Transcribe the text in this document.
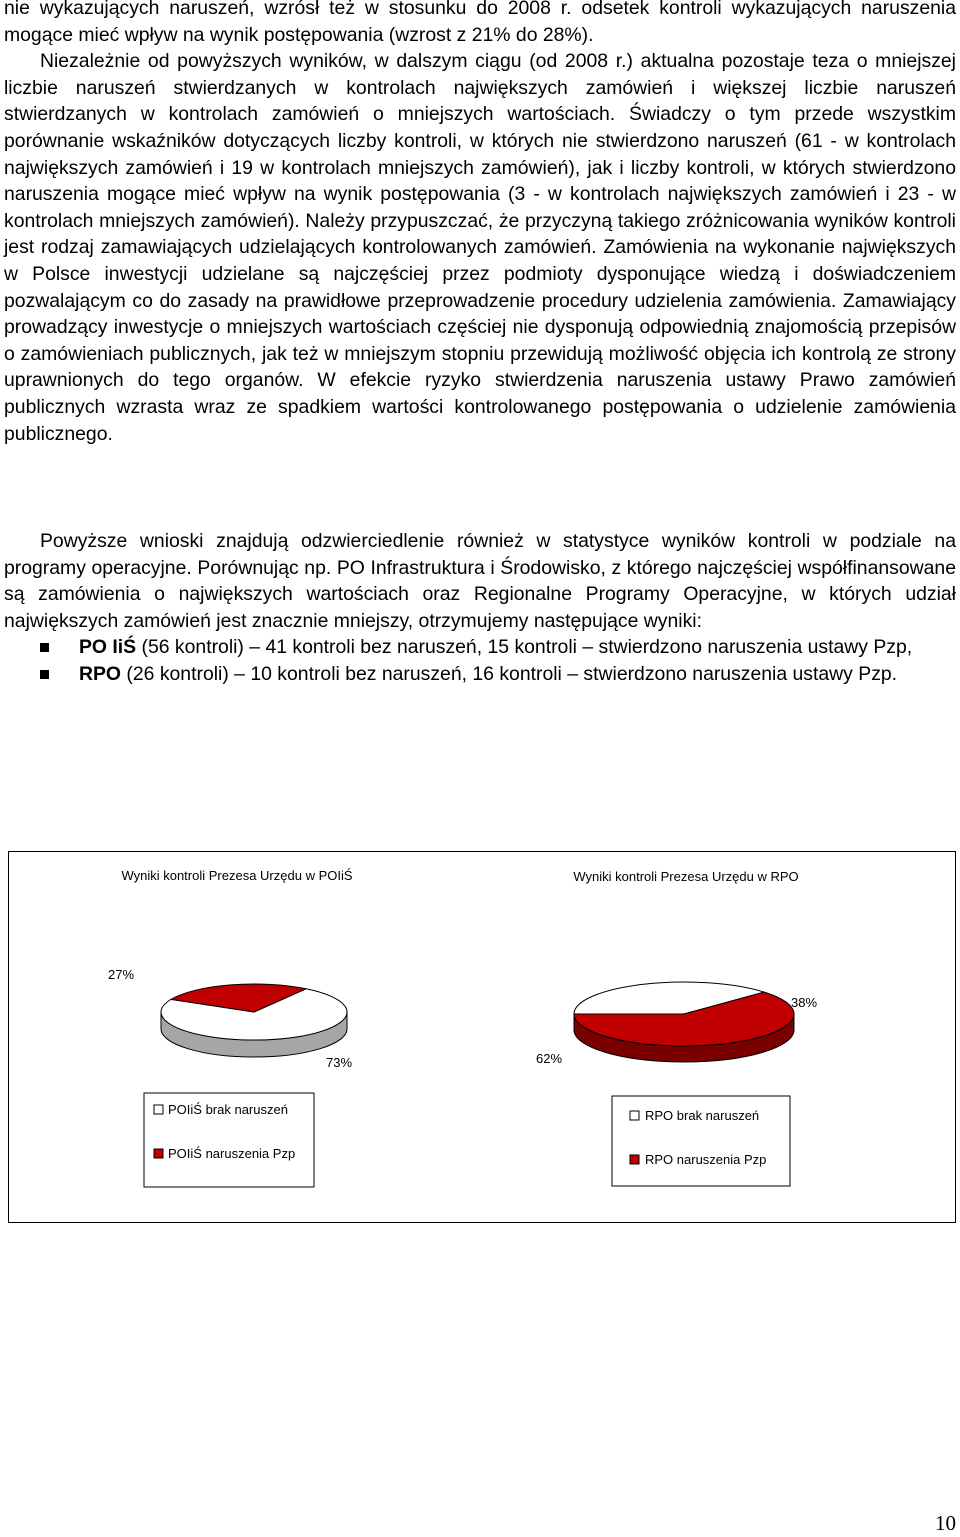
nie wykazujących naruszeń, wzrósł też w stosunku do 2008 r. odsetek kontroli wykazujących naruszenia mogące mieć wpływ na wynik postępowania (wzrost z 21% do 28%).

Niezależnie od powyższych wyników, w dalszym ciągu (od 2008 r.) aktualna pozostaje teza o mniejszej liczbie naruszeń stwierdzanych w kontrolach największych zamówień i większej liczbie naruszeń stwierdzanych w kontrolach zamówień o mniejszych wartościach. Świadczy o tym przede wszystkim porównanie wskaźników dotyczących liczby kontroli, w których nie stwierdzono naruszeń (61 - w kontrolach największych zamówień i 19 w kontrolach mniejszych zamówień), jak i liczby kontroli, w których stwierdzono naruszenia mogące mieć wpływ na wynik postępowania (3 - w kontrolach największych zamówień i 23 - w kontrolach mniejszych zamówień). Należy przypuszczać, że przyczyną takiego zróżnicowania wyników kontroli jest rodzaj zamawiających udzielających kontrolowanych zamówień. Zamówienia na wykonanie największych w Polsce inwestycji udzielane są najczęściej przez podmioty dysponujące wiedzą i doświadczeniem pozwalającym co do zasady na prawidłowe przeprowadzenie procedury udzielenia zamówienia. Zamawiający prowadzący inwestycje o mniejszych wartościach częściej nie dysponują odpowiednią znajomością przepisów o zamówieniach publicznych, jak też w mniejszym stopniu przewidują możliwość objęcia ich kontrolą ze strony uprawnionych do tego organów. W efekcie ryzyko stwierdzenia naruszenia ustawy Prawo zamówień publicznych wzrasta wraz ze spadkiem wartości kontrolowanego postępowania o udzielenie zamówienia publicznego.

Powyższe wnioski znajdują odzwierciedlenie również w statystyce wyników kontroli w podziale na programy operacyjne. Porównując np. PO Infrastruktura i Środowisko, z którego najczęściej współfinansowane są zamówienia o największych wartościach oraz Regionalne Programy Operacyjne, w których udział największych zamówień jest znacznie mniejszy, otrzymujemy następujące wyniki:

PO IiŚ (56 kontroli) – 41 kontroli bez naruszeń, 15 kontroli – stwierdzono naruszenia ustawy Pzp,
RPO (26 kontroli) – 10 kontroli bez naruszeń, 16 kontroli – stwierdzono naruszenia ustawy Pzp.
Wyniki kontroli Prezesa Urzędu w POIiŚ
27%
73%
POIiŚ brak naruszeń
POIiŚ naruszenia Pzp
Wyniki kontroli Prezesa Urzędu w RPO
38%
62%
RPO brak naruszeń
RPO naruszenia Pzp
10
